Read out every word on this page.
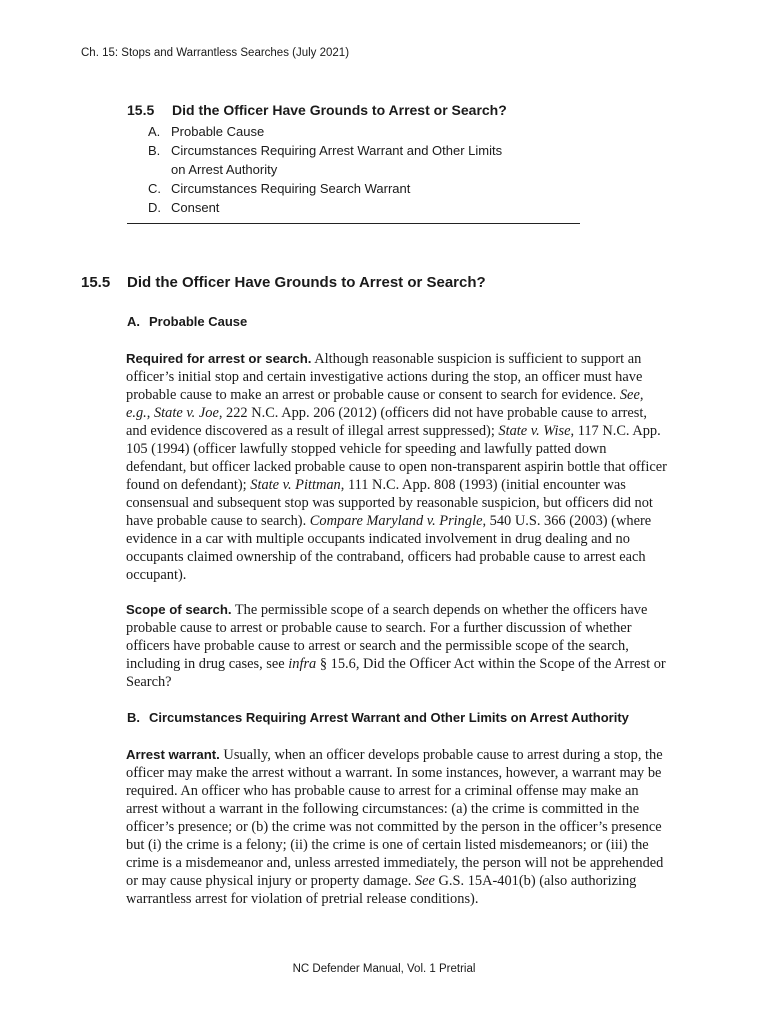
Ch. 15: Stops and Warrantless Searches (July 2021)
15.5 Did the Officer Have Grounds to Arrest or Search?
A. Probable Cause
B. Circumstances Requiring Arrest Warrant and Other Limits on Arrest Authority
C. Circumstances Requiring Search Warrant
D. Consent
15.5 Did the Officer Have Grounds to Arrest or Search?
A. Probable Cause
Required for arrest or search. Although reasonable suspicion is sufficient to support an officer’s initial stop and certain investigative actions during the stop, an officer must have probable cause to make an arrest or probable cause or consent to search for evidence. See, e.g., State v. Joe, 222 N.C. App. 206 (2012) (officers did not have probable cause to arrest, and evidence discovered as a result of illegal arrest suppressed); State v. Wise, 117 N.C. App. 105 (1994) (officer lawfully stopped vehicle for speeding and lawfully patted down defendant, but officer lacked probable cause to open non-transparent aspirin bottle that officer found on defendant); State v. Pittman, 111 N.C. App. 808 (1993) (initial encounter was consensual and subsequent stop was supported by reasonable suspicion, but officers did not have probable cause to search). Compare Maryland v. Pringle, 540 U.S. 366 (2003) (where evidence in a car with multiple occupants indicated involvement in drug dealing and no occupants claimed ownership of the contraband, officers had probable cause to arrest each occupant).
Scope of search. The permissible scope of a search depends on whether the officers have probable cause to arrest or probable cause to search. For a further discussion of whether officers have probable cause to arrest or search and the permissible scope of the search, including in drug cases, see infra § 15.6, Did the Officer Act within the Scope of the Arrest or Search?
B. Circumstances Requiring Arrest Warrant and Other Limits on Arrest Authority
Arrest warrant. Usually, when an officer develops probable cause to arrest during a stop, the officer may make the arrest without a warrant. In some instances, however, a warrant may be required. An officer who has probable cause to arrest for a criminal offense may make an arrest without a warrant in the following circumstances: (a) the crime is committed in the officer’s presence; or (b) the crime was not committed by the person in the officer’s presence but (i) the crime is a felony; (ii) the crime is one of certain listed misdemeanors; or (iii) the crime is a misdemeanor and, unless arrested immediately, the person will not be apprehended or may cause physical injury or property damage. See G.S. 15A-401(b) (also authorizing warrantless arrest for violation of pretrial release conditions).
NC Defender Manual, Vol. 1 Pretrial
